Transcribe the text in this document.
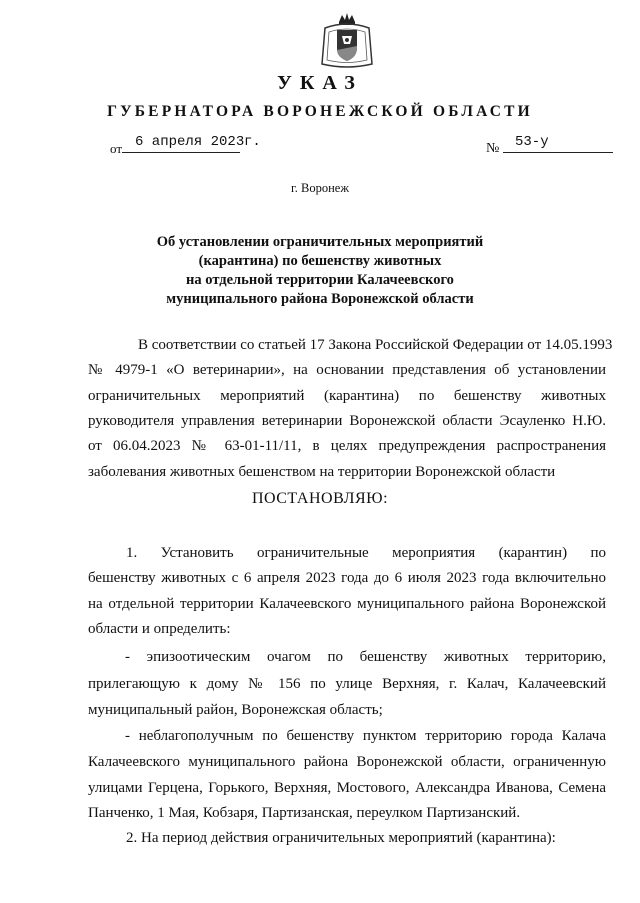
УКАЗ
ГУБЕРНАТОРА ВОРОНЕЖСКОЙ ОБЛАСТИ
от 6 апреля 2023 г.	№ 53-у
г. Воронеж
Об установлении ограничительных мероприятий
(карантина) по бешенству животных
на отдельной территории Калачеевского
муниципального района Воронежской области
В соответствии со статьей 17 Закона Российской Федерации от 14.05.1993
№ 4979-1 «О ветеринарии», на основании представления об установлении
ограничительных мероприятий (карантина) по бешенству животных
руководителя управления ветеринарии Воронежской области Эсауленко Н.Ю.
от 06.04.2023 № 63-01-11/11, в целях предупреждения распространения
заболевания животных бешенством на территории Воронежской области
ПОСТАНОВЛЯЮ:
1. Установить ограничительные мероприятия (карантин) по
бешенству животных с 6 апреля 2023 года до 6 июля 2023 года включительно
на отдельной территории Калачеевского муниципального района Воронежской
области и определить:
- эпизоотическим очагом по бешенству животных территорию,
прилегающую к дому № 156 по улице Верхняя, г. Калач, Калачеевский
муниципальный район, Воронежская область;
- неблагополучным по бешенству пунктом территорию города Калача
Калачеевского муниципального района Воронежской области, ограниченную
улицами Герцена, Горького, Верхняя, Мостового, Александра Иванова, Семена
Панченко, 1 Мая, Кобзаря, Партизанская, переулком Партизанский.
2. На период действия ограничительных мероприятий (карантина):
